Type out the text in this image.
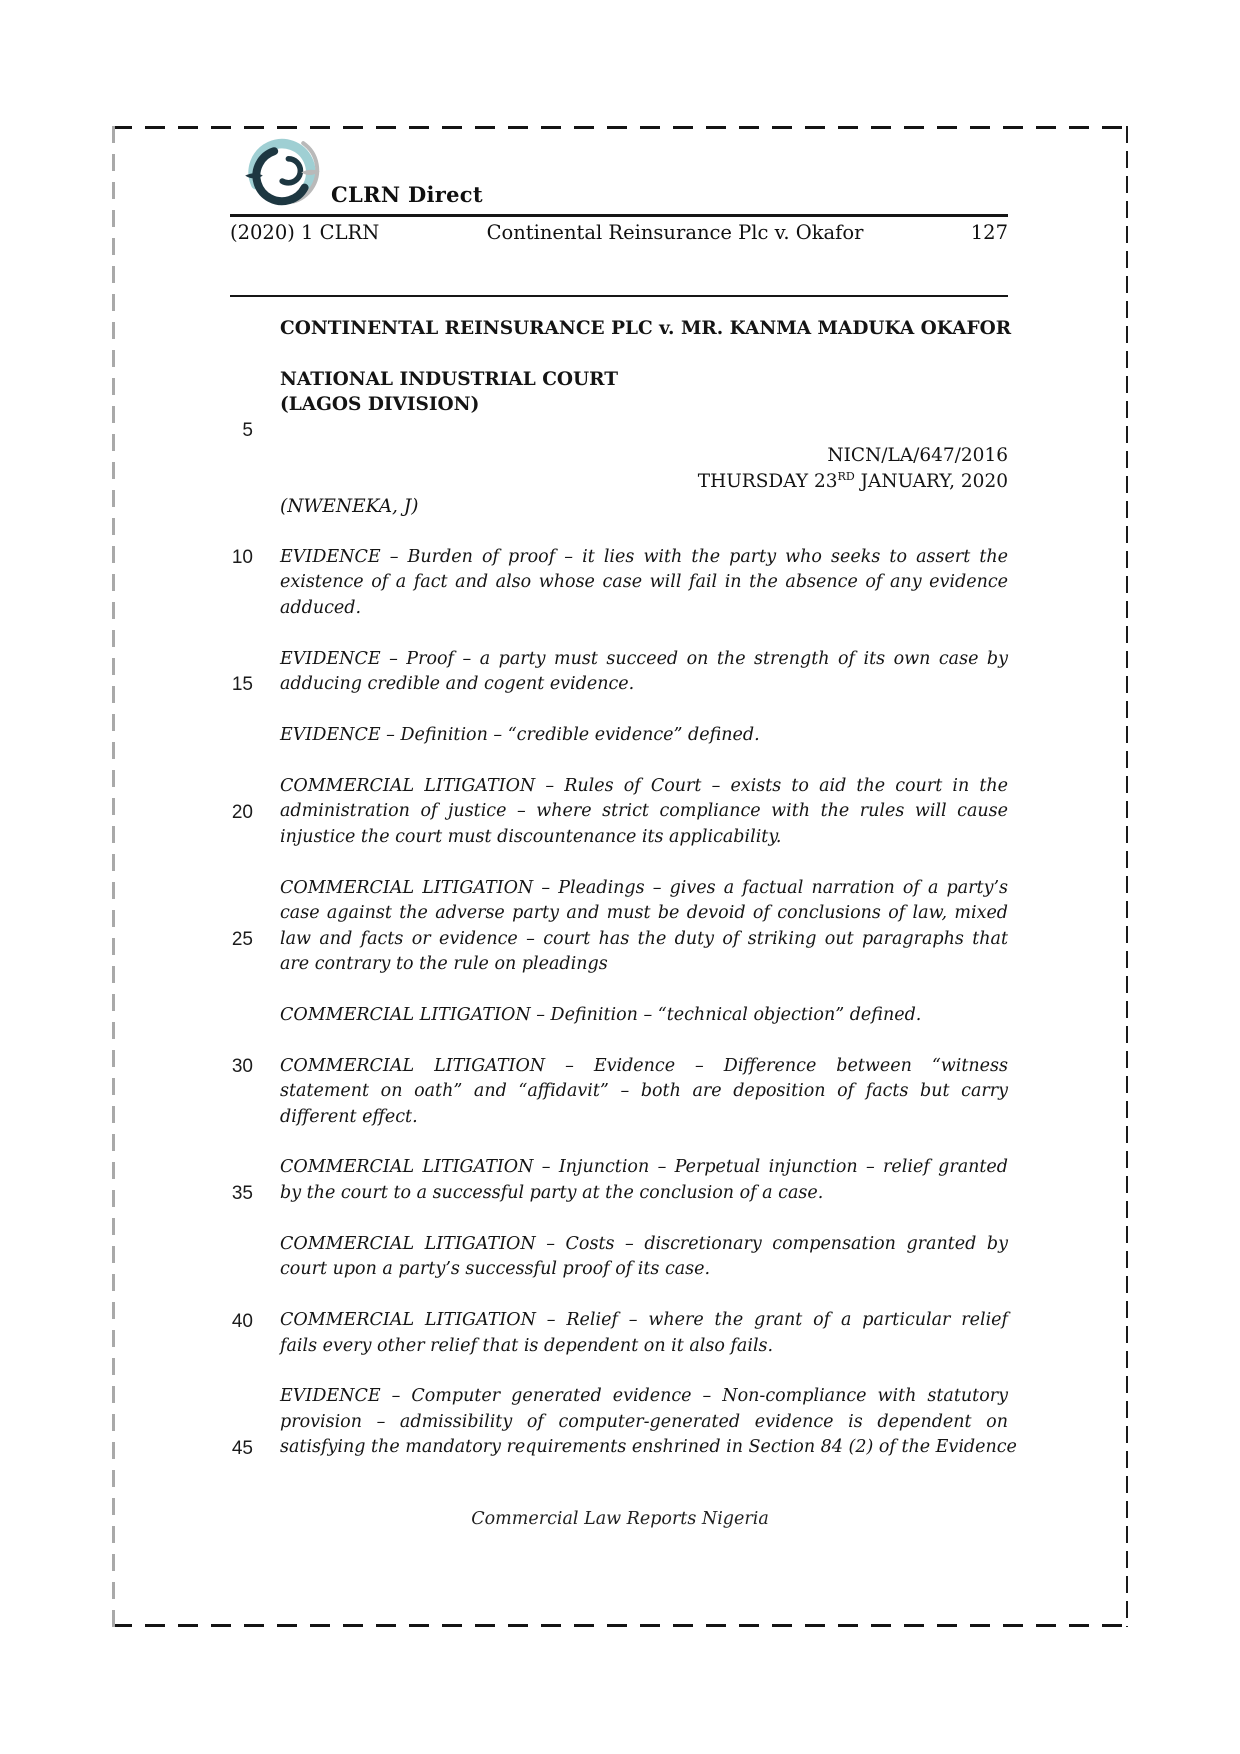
CLRN Direct
(2020) 1 CLRN	Continental Reinsurance Plc v. Okafor	127
5
10
15
20
25
30
35
40
45
CONTINENTAL REINSURANCE PLC v. MR. KANMA MADUKA OKAFOR

NATIONAL INDUSTRIAL COURT
(LAGOS DIVISION)

NICN/LA/647/2016
THURSDAY 23RD JANUARY, 2020
(NWENEKA, J)

EVIDENCE – Burden of proof – it lies with the party who seeks to assert the
existence of a fact and also whose case will fail in the absence of any evidence
adduced.

EVIDENCE – Proof – a party must succeed on the strength of its own case by
adducing credible and cogent evidence.

EVIDENCE – Definition – “credible evidence” defined.

COMMERCIAL LITIGATION – Rules of Court – exists to aid the court in the
administration of justice – where strict compliance with the rules will cause
injustice the court must discountenance its applicability.

COMMERCIAL LITIGATION – Pleadings – gives a factual narration of a party’s
case against the adverse party and must be devoid of conclusions of law, mixed
law and facts or evidence – court has the duty of striking out paragraphs that
are contrary to the rule on pleadings

COMMERCIAL LITIGATION – Definition – “technical objection” defined.

COMMERCIAL LITIGATION – Evidence – Difference between “witness
statement on oath” and “affidavit” – both are deposition of facts but carry
different effect.

COMMERCIAL LITIGATION – Injunction – Perpetual injunction – relief granted
by the court to a successful party at the conclusion of a case.

COMMERCIAL LITIGATION – Costs – discretionary compensation granted by
court upon a party’s successful proof of its case.

COMMERCIAL LITIGATION – Relief – where the grant of a particular relief
fails every other relief that is dependent on it also fails.

EVIDENCE – Computer generated evidence – Non-compliance with statutory
provision – admissibility of computer-generated evidence is dependent on
satisfying the mandatory requirements enshrined in Section 84 (2) of the Evidence
Commercial Law Reports Nigeria
